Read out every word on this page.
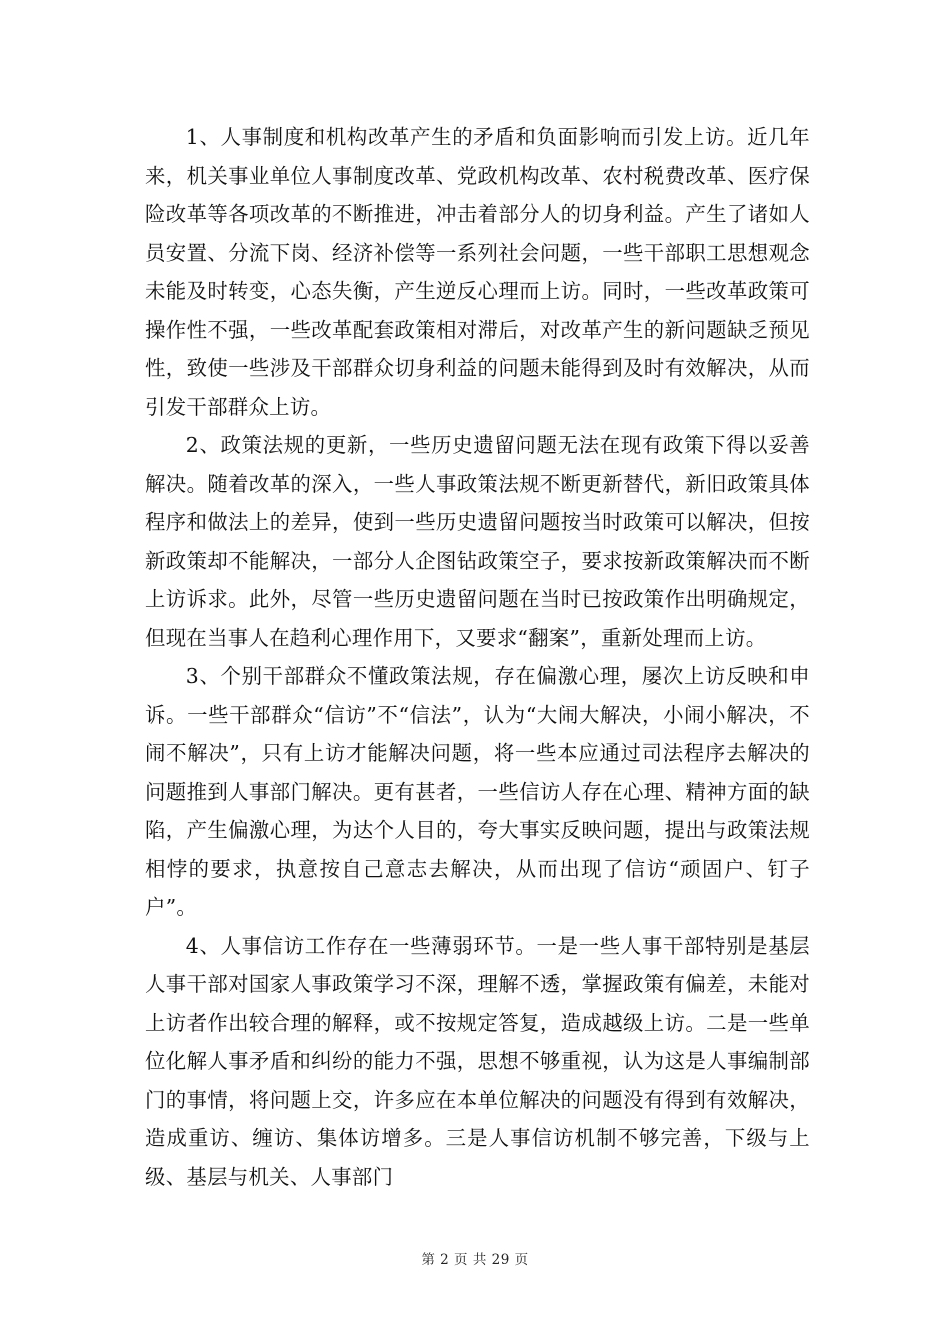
1、人事制度和机构改革产生的矛盾和负面影响而引发上访。近几年来，机关事业单位人事制度改革、党政机构改革、农村税费改革、医疗保险改革等各项改革的不断推进，冲击着部分人的切身利益。产生了诸如人员安置、分流下岗、经济补偿等一系列社会问题，一些干部职工思想观念未能及时转变，心态失衡，产生逆反心理而上访。同时，一些改革政策可操作性不强，一些改革配套政策相对滞后，对改革产生的新问题缺乏预见性，致使一些涉及干部群众切身利益的问题未能得到及时有效解决，从而引发干部群众上访。

2、政策法规的更新，一些历史遗留问题无法在现有政策下得以妥善解决。随着改革的深入，一些人事政策法规不断更新替代，新旧政策具体程序和做法上的差异，使到一些历史遗留问题按当时政策可以解决，但按新政策却不能解决，一部分人企图钻政策空子，要求按新政策解决而不断上访诉求。此外，尽管一些历史遗留问题在当时已按政策作出明确规定，但现在当事人在趋利心理作用下，又要求“翻案”，重新处理而上访。

3、个别干部群众不懂政策法规，存在偏激心理，屡次上访反映和申诉。一些干部群众“信访”不“信法”，认为“大闹大解决，小闹小解决，不闹不解决”，只有上访才能解决问题，将一些本应通过司法程序去解决的问题推到人事部门解决。更有甚者，一些信访人存在心理、精神方面的缺陷，产生偏激心理，为达个人目的，夸大事实反映问题，提出与政策法规相悖的要求，执意按自己意志去解决，从而出现了信访“顽固户、钉子户”。

4、人事信访工作存在一些薄弱环节。一是一些人事干部特别是基层人事干部对国家人事政策学习不深，理解不透，掌握政策有偏差，未能对上访者作出较合理的解释，或不按规定答复，造成越级上访。二是一些单位化解人事矛盾和纠纷的能力不强，思想不够重视，认为这是人事编制部门的事情，将问题上交，许多应在本单位解决的问题没有得到有效解决，造成重访、缠访、集体访增多。三是人事信访机制不够完善，下级与上级、基层与机关、人事部门

第 2 页 共 29 页
